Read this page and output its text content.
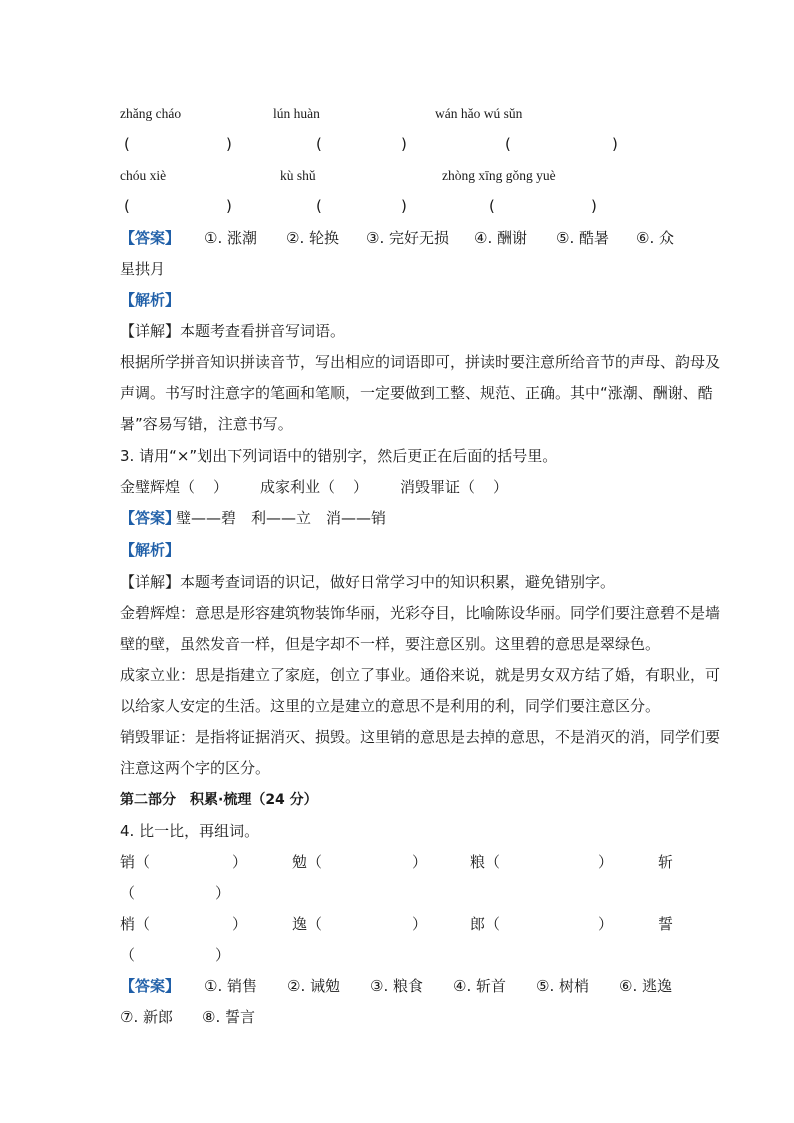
zhǎng cháo	lún huàn	wán hǎo wú sǔn
(	)	(	)	(	)
chóu xiè	kù shǔ	zhòng xīng gǒng yuè
(	)	(	)	(	)
【答案】 ①. 涨潮 ②. 轮换 ③. 完好无损 ④. 酬谢 ⑤. 酷暑 ⑥. 众
星拱月
【解析】
【详解】本题考查看拼音写词语。
根据所学拼音知识拼读音节，写出相应的词语即可，拼读时要注意所给音节的声母、韵母及
声调。书写时注意字的笔画和笔顺，一定要做到工整、规范、正确。其中“涨潮、酬谢、酷
暑”容易写错，注意书写。
3. 请用“×”划出下列词语中的错别字，然后更正在后面的括号里。
金璧辉煌（ ） 成家利业（ ） 消毁罪证（ ）
【答案】
璧——碧　利——立　消——销
【解析】
【详解】本题考查词语的识记，做好日常学习中的知识积累，避免错别字。
金碧辉煌：意思是形容建筑物装饰华丽，光彩夺目，比喻陈设华丽。同学们要注意碧不是墙
壁的壁，虽然发音一样，但是字却不一样，要注意区别。这里碧的意思是翠绿色。
成家立业：思是指建立了家庭，创立了事业。通俗来说，就是男女双方结了婚，有职业，可
以给家人安定的生活。这里的立是建立的意思不是利用的利，同学们要注意区分。
销毁罪证：是指将证据消灭、损毁。这里销的意思是去掉的意思，不是消灭的消，同学们要
注意这两个字的区分。
第二部分　积累·梳理（24 分）
4. 比一比，再组词。
销（	）	勉（	）	粮（	）	斩
（	）
梢（	）	逸（	）	郎（	）	誓
（	）
【答案】 ①. 销售 ②. 诫勉 ③. 粮食 ④. 斩首 ⑤. 树梢 ⑥. 逃逸
⑦. 新郎 ⑧. 誓言
